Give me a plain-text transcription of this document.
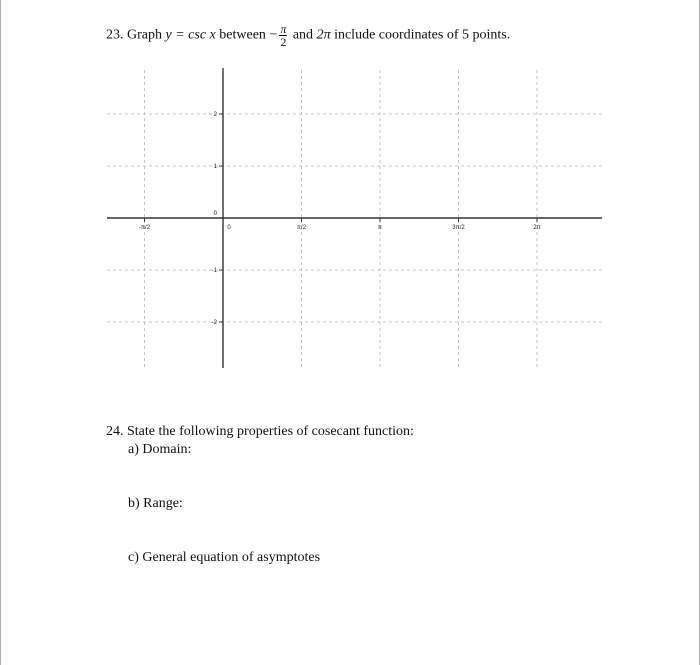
23. Graph y = csc x between − $\frac{\pi}{2}$ and 2π include coordinates of 5 points.
-π/2	0	π/2	π	3π/2	2π
2
1
0
-1
-2
24. State the following properties of cosecant function:
a) Domain:
b) Range:
c) General equation of asymptotes
